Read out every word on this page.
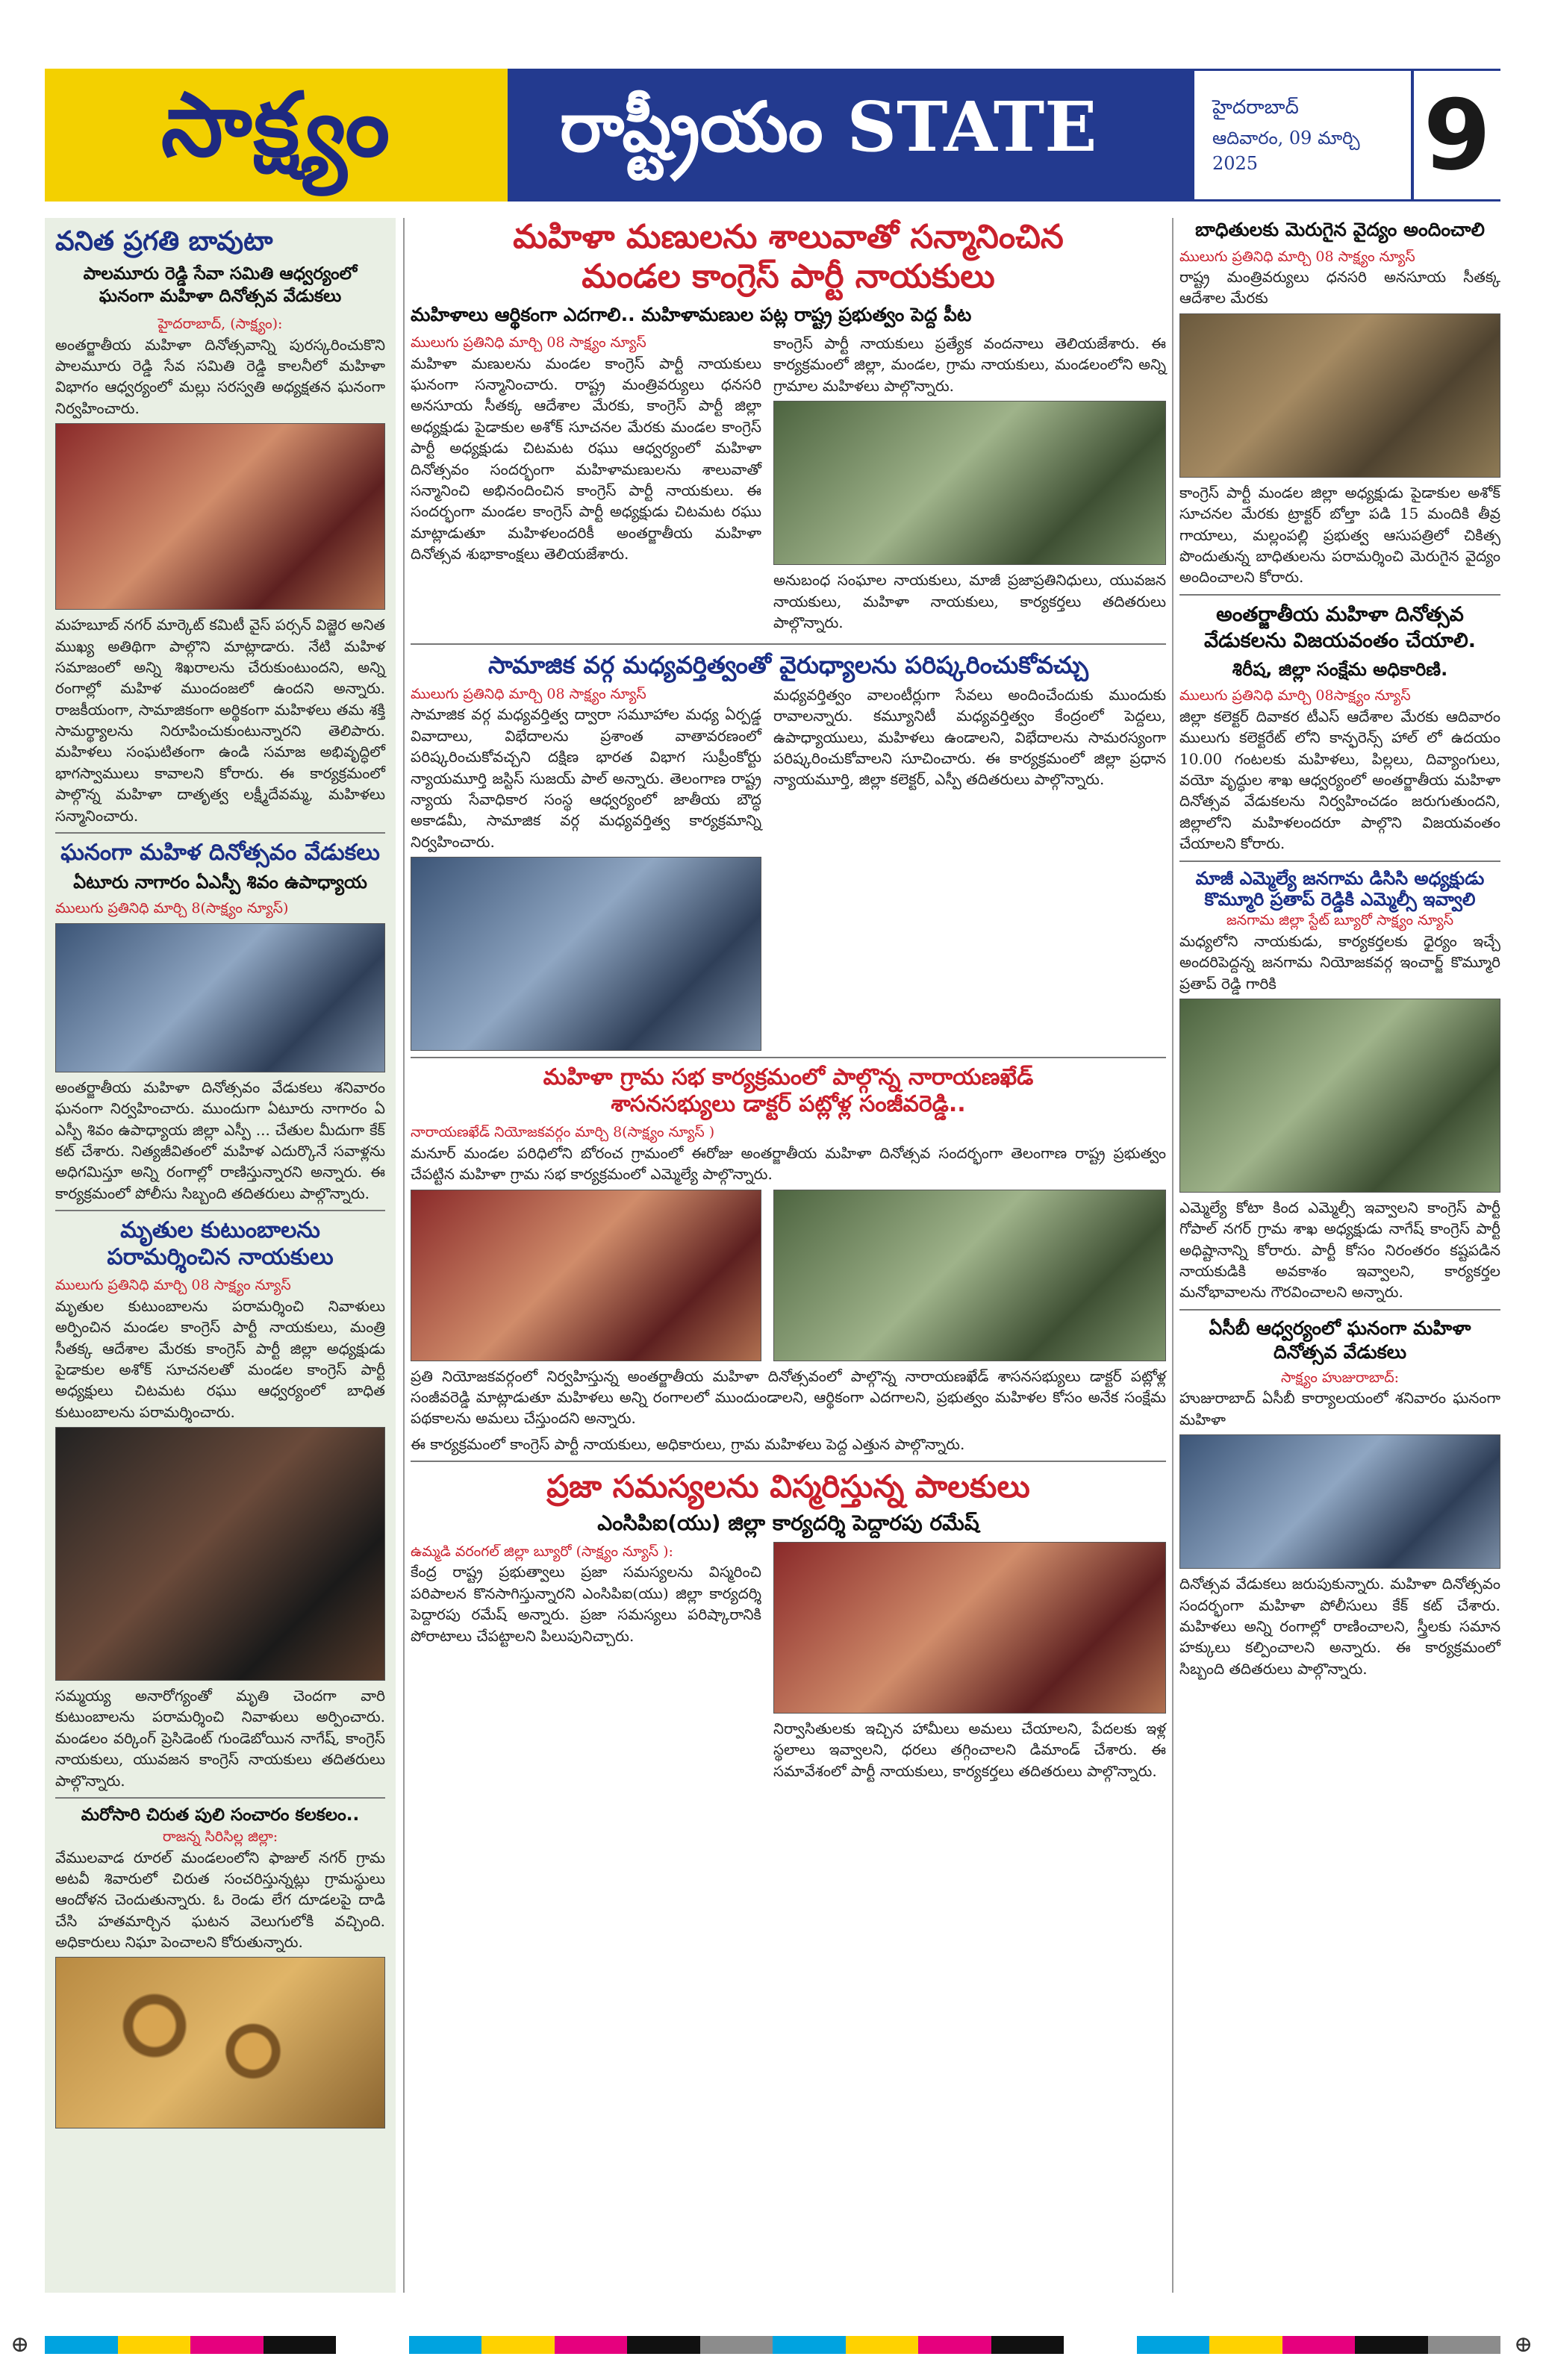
సాక్ష్యం రాష్ట్రీయం STATE	హైదరాబాద్
ఆదివారం, 09 మార్చి 2025	9
వనిత ప్రగతి బావుటా
పాలమూరు రెడ్డి సేవా సమితి ఆధ్వర్యంలో ఘనంగా మహిళా దినోత్సవ వేడుకలు
హైదరాబాద్, (సాక్ష్యం):

అంతర్జాతీయ మహిళా దినోత్సవాన్ని పురస్కరించుకొని పాలమూరు రెడ్డి సేవ సమితి రెడ్డి కాలనీలో మహిళా విభాగం ఆధ్వర్యంలో మల్లు సరస్వతి అధ్యక్షతన ఘనంగా నిర్వహించారు.

మహబూబ్ నగర్ మార్కెట్ కమిటీ వైస్ పర్సన్ విజ్జెర అనిత ముఖ్య అతిథిగా పాల్గొని మాట్లాడారు. నేటి మహిళ సమాజంలో అన్ని శిఖరాలను చేరుకుంటుందని, అన్ని రంగాల్లో మహిళ ముందంజలో ఉందని అన్నారు. రాజకీయంగా, సామాజికంగా అర్థికంగా మహిళలు తమ శక్తి సామర్థ్యాలను నిరూపించుకుంటున్నారని తెలిపారు. మహిళలు సంఘటితంగా ఉండి సమాజ అభివృద్ధిలో భాగస్వాములు కావాలని కోరారు. ఈ కార్యక్రమంలో పాల్గొన్న మహిళా దాతృత్వ లక్ష్మీదేవమ్మ, మహిళలు సన్మానించారు.

ఘనంగా మహిళ దినోత్సవం వేడుకలు
ఏటూరు నాగారం ఏఎస్పీ శివం ఉపాధ్యాయ
ములుగు ప్రతినిధి మార్చి 8(సాక్ష్యం న్యూస్)

అంతర్జాతీయ మహిళా దినోత్సవం వేడుకలు శనివారం ఘనంగా నిర్వహించారు. ముందుగా ఏటూరు నాగారం ఏ ఎస్పీ శివం ఉపాధ్యాయ జిల్లా ఎస్పీ ... చేతుల మీదుగా కేక్ కట్ చేశారు. నిత్యజీవితంలో మహిళ ఎదుర్కొనే సవాళ్లను అధిగమిస్తూ అన్ని రంగాల్లో రాణిస్తున్నారని అన్నారు. ఈ కార్యక్రమంలో పోలీసు సిబ్బంది తదితరులు పాల్గొన్నారు.

మృతుల కుటుంబాలను పరామర్శించిన నాయకులు
ములుగు ప్రతినిధి మార్చి 08 సాక్ష్యం న్యూస్

మృతుల కుటుంబాలను పరామర్శించి నివాళులు అర్పించిన మండల కాంగ్రెస్ పార్టీ నాయకులు, మంత్రి సీతక్క ఆదేశాల మేరకు కాంగ్రెస్ పార్టీ జిల్లా అధ్యక్షుడు పైడాకుల అశోక్ సూచనలతో మండల కాంగ్రెస్ పార్టీ అధ్యక్షులు చిటమట రఘు ఆధ్వర్యంలో బాధిత కుటుంబాలను పరామర్శించారు.

సమ్మయ్య అనారోగ్యంతో మృతి చెందగా వారి కుటుంబాలను పరామర్శించి నివాళులు అర్పించారు. మండలం వర్కింగ్ ప్రెసిడెంట్ గుండెబోయిన నాగేష్, కాంగ్రెస్ నాయకులు, యువజన కాంగ్రెస్ నాయకులు తదితరులు పాల్గొన్నారు.

మరోసారి చిరుత పులి సంచారం కలకలం..
రాజన్న సిరిసిల్ల జిల్లా:

వేములవాడ రూరల్ మండలంలోని ఫాజుల్ నగర్ గ్రామ అటవీ శివారులో చిరుత సంచరిస్తున్నట్లు గ్రామస్థులు ఆందోళన చెందుతున్నారు. ఓ రెండు లేగ దూడలపై దాడి చేసి హతమార్చిన ఘటన వెలుగులోకి వచ్చింది. అధికారులు నిఘా పెంచాలని కోరుతున్నారు.

మహిళా మణులను శాలువాతో సన్మానించిన
మండల కాంగ్రెస్ పార్టీ నాయకులు
మహిళాలు ఆర్థికంగా ఎదగాలి.. మహిళామణుల పట్ల రాష్ట్ర ప్రభుత్వం పెద్ద పీట
ములుగు ప్రతినిధి మార్చి 08 సాక్ష్యం న్యూస్

మహిళా మణులను మండల కాంగ్రెస్ పార్టీ నాయకులు ఘనంగా సన్మానించారు. రాష్ట్ర మంత్రివర్యులు ధనసరి అనసూయ సీతక్క ఆదేశాల మేరకు, కాంగ్రెస్ పార్టీ జిల్లా అధ్యక్షుడు పైడాకుల అశోక్ సూచనల మేరకు మండల కాంగ్రెస్ పార్టీ అధ్యక్షుడు చిటమట రఘు ఆధ్వర్యంలో మహిళా దినోత్సవం సందర్భంగా మహిళామణులను శాలువాతో సన్మానించి అభినందించిన కాంగ్రెస్ పార్టీ నాయకులు. ఈ సందర్భంగా మండల కాంగ్రెస్ పార్టీ అధ్యక్షుడు చిటమట రఘు మాట్లాడుతూ మహిళలందరికీ అంతర్జాతీయ మహిళా దినోత్సవ శుభాకాంక్షలు తెలియజేశారు.

కాంగ్రెస్ పార్టీ నాయకులు ప్రత్యేక వందనాలు తెలియజేశారు. ఈ కార్యక్రమంలో జిల్లా, మండల, గ్రామ నాయకులు, మండలంలోని అన్ని గ్రామాల మహిళలు పాల్గొన్నారు.

అనుబంధ సంఘాల నాయకులు, మాజీ ప్రజాప్రతినిధులు, యువజన నాయకులు, మహిళా నాయకులు, కార్యకర్తలు తదితరులు పాల్గొన్నారు.

సామాజిక వర్గ మధ్యవర్తిత్వంతో వైరుధ్యాలను పరిష్కరించుకోవచ్చు
ములుగు ప్రతినిధి మార్చి 08 సాక్ష్యం న్యూస్

సామాజిక వర్గ మధ్యవర్తిత్వ ద్వారా సమూహాల మధ్య ఏర్పడ్డ వివాదాలు, విభేదాలను ప్రశాంత వాతావరణంలో పరిష్కరించుకోవచ్చని దక్షిణ భారత విభాగ సుప్రీంకోర్టు న్యాయమూర్తి జస్టిస్ సుజయ్ పాల్ అన్నారు. తెలంగాణ రాష్ట్ర న్యాయ సేవాధికార సంస్థ ఆధ్వర్యంలో జాతీయ బౌద్ధ అకాడమీ, సామాజిక వర్గ మధ్యవర్తిత్వ కార్యక్రమాన్ని నిర్వహించారు.

మధ్యవర్తిత్వం వాలంటీర్లుగా సేవలు అందించేందుకు ముందుకు రావాలన్నారు. కమ్యూనిటీ మధ్యవర్తిత్వం కేంద్రంలో పెద్దలు, ఉపాధ్యాయులు, మహిళలు ఉండాలని, విభేదాలను సామరస్యంగా పరిష్కరించుకోవాలని సూచించారు. ఈ కార్యక్రమంలో జిల్లా ప్రధాన న్యాయమూర్తి, జిల్లా కలెక్టర్, ఎస్పీ తదితరులు పాల్గొన్నారు.

మహిళా గ్రామ సభ కార్యక్రమంలో పాల్గొన్న నారాయణఖేడ్
శాసనసభ్యులు డాక్టర్ పట్లోళ్ల సంజీవరెడ్డి..
నారాయణఖేడ్ నియోజకవర్గం మార్చి 8(సాక్ష్యం న్యూస్ )

మనూర్ మండల పరిధిలోని బోరంచ గ్రామంలో ఈరోజు అంతర్జాతీయ మహిళా దినోత్సవ సందర్భంగా తెలంగాణ రాష్ట్ర ప్రభుత్వం చేపట్టిన మహిళా గ్రామ సభ కార్యక్రమంలో ఎమ్మెల్యే పాల్గొన్నారు.

ప్రతి నియోజకవర్గంలో నిర్వహిస్తున్న అంతర్జాతీయ మహిళా దినోత్సవంలో పాల్గొన్న నారాయణఖేడ్ శాసనసభ్యులు డాక్టర్ పట్లోళ్ల సంజీవరెడ్డి మాట్లాడుతూ మహిళలు అన్ని రంగాలలో ముందుండాలని, ఆర్థికంగా ఎదగాలని, ప్రభుత్వం మహిళల కోసం అనేక సంక్షేమ పథకాలను అమలు చేస్తుందని అన్నారు.

ఈ కార్యక్రమంలో కాంగ్రెస్ పార్టీ నాయకులు, అధికారులు, గ్రామ మహిళలు పెద్ద ఎత్తున పాల్గొన్నారు.

ప్రజా సమస్యలను విస్మరిస్తున్న పాలకులు
ఎంసిపిఐ(యు) జిల్లా కార్యదర్శి పెద్దారపు రమేష్
ఉమ్మడి వరంగల్ జిల్లా బ్యూరో (సాక్ష్యం న్యూస్ ):

కేంద్ర రాష్ట్ర ప్రభుత్వాలు ప్రజా సమస్యలను విస్మరించి పరిపాలన కొనసాగిస్తున్నారని ఎంసిపిఐ(యు) జిల్లా కార్యదర్శి పెద్దారపు రమేష్ అన్నారు. ప్రజా సమస్యలు పరిష్కారానికి పోరాటాలు చేపట్టాలని పిలుపునిచ్చారు.

నిర్వాసితులకు ఇచ్చిన హామీలు అమలు చేయాలని, పేదలకు ఇళ్ల స్థలాలు ఇవ్వాలని, ధరలు తగ్గించాలని డిమాండ్ చేశారు. ఈ సమావేశంలో పార్టీ నాయకులు, కార్యకర్తలు తదితరులు పాల్గొన్నారు.

బాధితులకు మెరుగైన వైద్యం అందించాలి
ములుగు ప్రతినిధి మార్చి 08 సాక్ష్యం న్యూస్

రాష్ట్ర మంత్రివర్యులు ధనసరి అనసూయ సీతక్క ఆదేశాల మేరకు

కాంగ్రెస్ పార్టీ మండల జిల్లా అధ్యక్షుడు పైడాకుల అశోక్ సూచనల మేరకు ట్రాక్టర్ బోల్తా పడి 15 మందికి తీవ్ర గాయాలు, మల్లంపల్లి ప్రభుత్వ ఆసుపత్రిలో చికిత్స పొందుతున్న బాధితులను పరామర్శించి మెరుగైన వైద్యం అందించాలని కోరారు.

అంతర్జాతీయ మహిళా దినోత్సవ వేడుకలను విజయవంతం చేయాలి.
శిరీష, జిల్లా సంక్షేమ అధికారిణి.
ములుగు ప్రతినిధి మార్చి 08సాక్ష్యం న్యూస్

జిల్లా కలెక్టర్ దివాకర టీఎస్ ఆదేశాల మేరకు ఆదివారం ములుగు కలెక్టరేట్ లోని కాన్ఫరెన్స్ హాల్ లో ఉదయం 10.00 గంటలకు మహిళలు, పిల్లలు, దివ్యాంగులు, వయో వృద్ధుల శాఖ ఆధ్వర్యంలో అంతర్జాతీయ మహిళా దినోత్సవ వేడుకలను నిర్వహించడం జరుగుతుందని, జిల్లాలోని మహిళలందరూ పాల్గొని విజయవంతం చేయాలని కోరారు.

మాజీ ఎమ్మెల్యే జనగామ డిసిసి అధ్యక్షుడు కొమ్మూరి ప్రతాప్ రెడ్డికి ఎమ్మెల్సీ ఇవ్వాలి
జనగామ జిల్లా స్టేట్ బ్యూరో సాక్ష్యం న్యూస్

మధ్యలోని నాయకుడు, కార్యకర్తలకు ధైర్యం ఇచ్చే అందరిపెద్దన్న జనగామ నియోజకవర్గ ఇంచార్జ్ కొమ్మూరి ప్రతాప్ రెడ్డి గారికి

ఎమ్మెల్యే కోటా కింద ఎమ్మెల్సీ ఇవ్వాలని కాంగ్రెస్ పార్టీ గోపాల్ నగర్ గ్రామ శాఖ అధ్యక్షుడు నాగేష్ కాంగ్రెస్ పార్టీ అధిష్టానాన్ని కోరారు. పార్టీ కోసం నిరంతరం కష్టపడిన నాయకుడికి అవకాశం ఇవ్వాలని, కార్యకర్తల మనోభావాలను గౌరవించాలని అన్నారు.

ఏసీబీ ఆధ్వర్యంలో ఘనంగా మహిళా దినోత్సవ వేడుకలు
సాక్ష్యం హుజురాబాద్:

హుజురాబాద్ ఏసీబీ కార్యాలయంలో శనివారం ఘనంగా మహిళా

దినోత్సవ వేడుకలు జరుపుకున్నారు. మహిళా దినోత్సవం సందర్భంగా మహిళా పోలీసులు కేక్ కట్ చేశారు. మహిళలు అన్ని రంగాల్లో రాణించాలని, స్త్రీలకు సమాన హక్కులు కల్పించాలని అన్నారు. ఈ కార్యక్రమంలో సిబ్బంది తదితరులు పాల్గొన్నారు.

⊕	⊕
